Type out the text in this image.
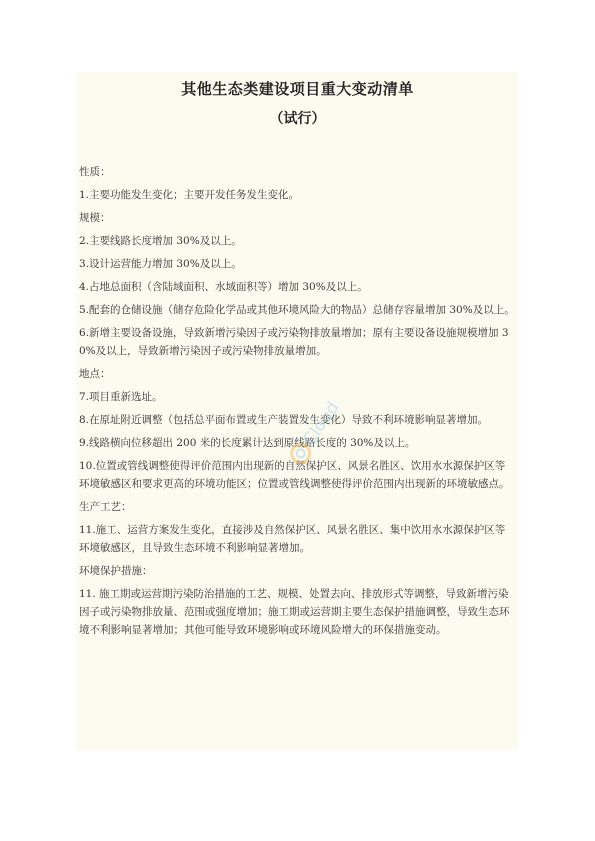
其他生态类建设项目重大变动清单
（试行）

性质：

1.主要功能发生变化；主要开发任务发生变化。

规模：

2.主要线路长度增加 30%及以上。

3.设计运营能力增加 30%及以上。

4.占地总面积（含陆域面积、水域面积等）增加 30%及以上。

5.配套的仓储设施（储存危险化学品或其他环境风险大的物品）总储存容量增加 30%及以上。

6.新增主要设备设施，导致新增污染因子或污染物排放量增加；原有主要设备设施规模增加 30%及以上，导致新增污染因子或污染物排放量增加。

地点：

7.项目重新选址。

8.在原址附近调整（包括总平面布置或生产装置发生变化）导致不利环境影响显著增加。

9.线路横向位移超出 200 米的长度累计达到原线路长度的 30%及以上。

10.位置或管线调整使得评价范围内出现新的自然保护区、风景名胜区、饮用水水源保护区等环境敏感区和要求更高的环境功能区；位置或管线调整使得评价范围内出现新的环境敏感点。

生产工艺：

11.施工、运营方案发生变化，直接涉及自然保护区、风景名胜区、集中饮用水水源保护区等环境敏感区，且导致生态环境不利影响显著增加。

环境保护措施：

11. 施工期或运营期污染防治措施的工艺、规模、处置去向、排放形式等调整，导致新增污染因子或污染物排放量、范围或强度增加；施工期或运营期主要生态保护措施调整，导致生态环境不利影响显著增加；其他可能导致环境影响或环境风险增大的环保措施变动。

Cloud
